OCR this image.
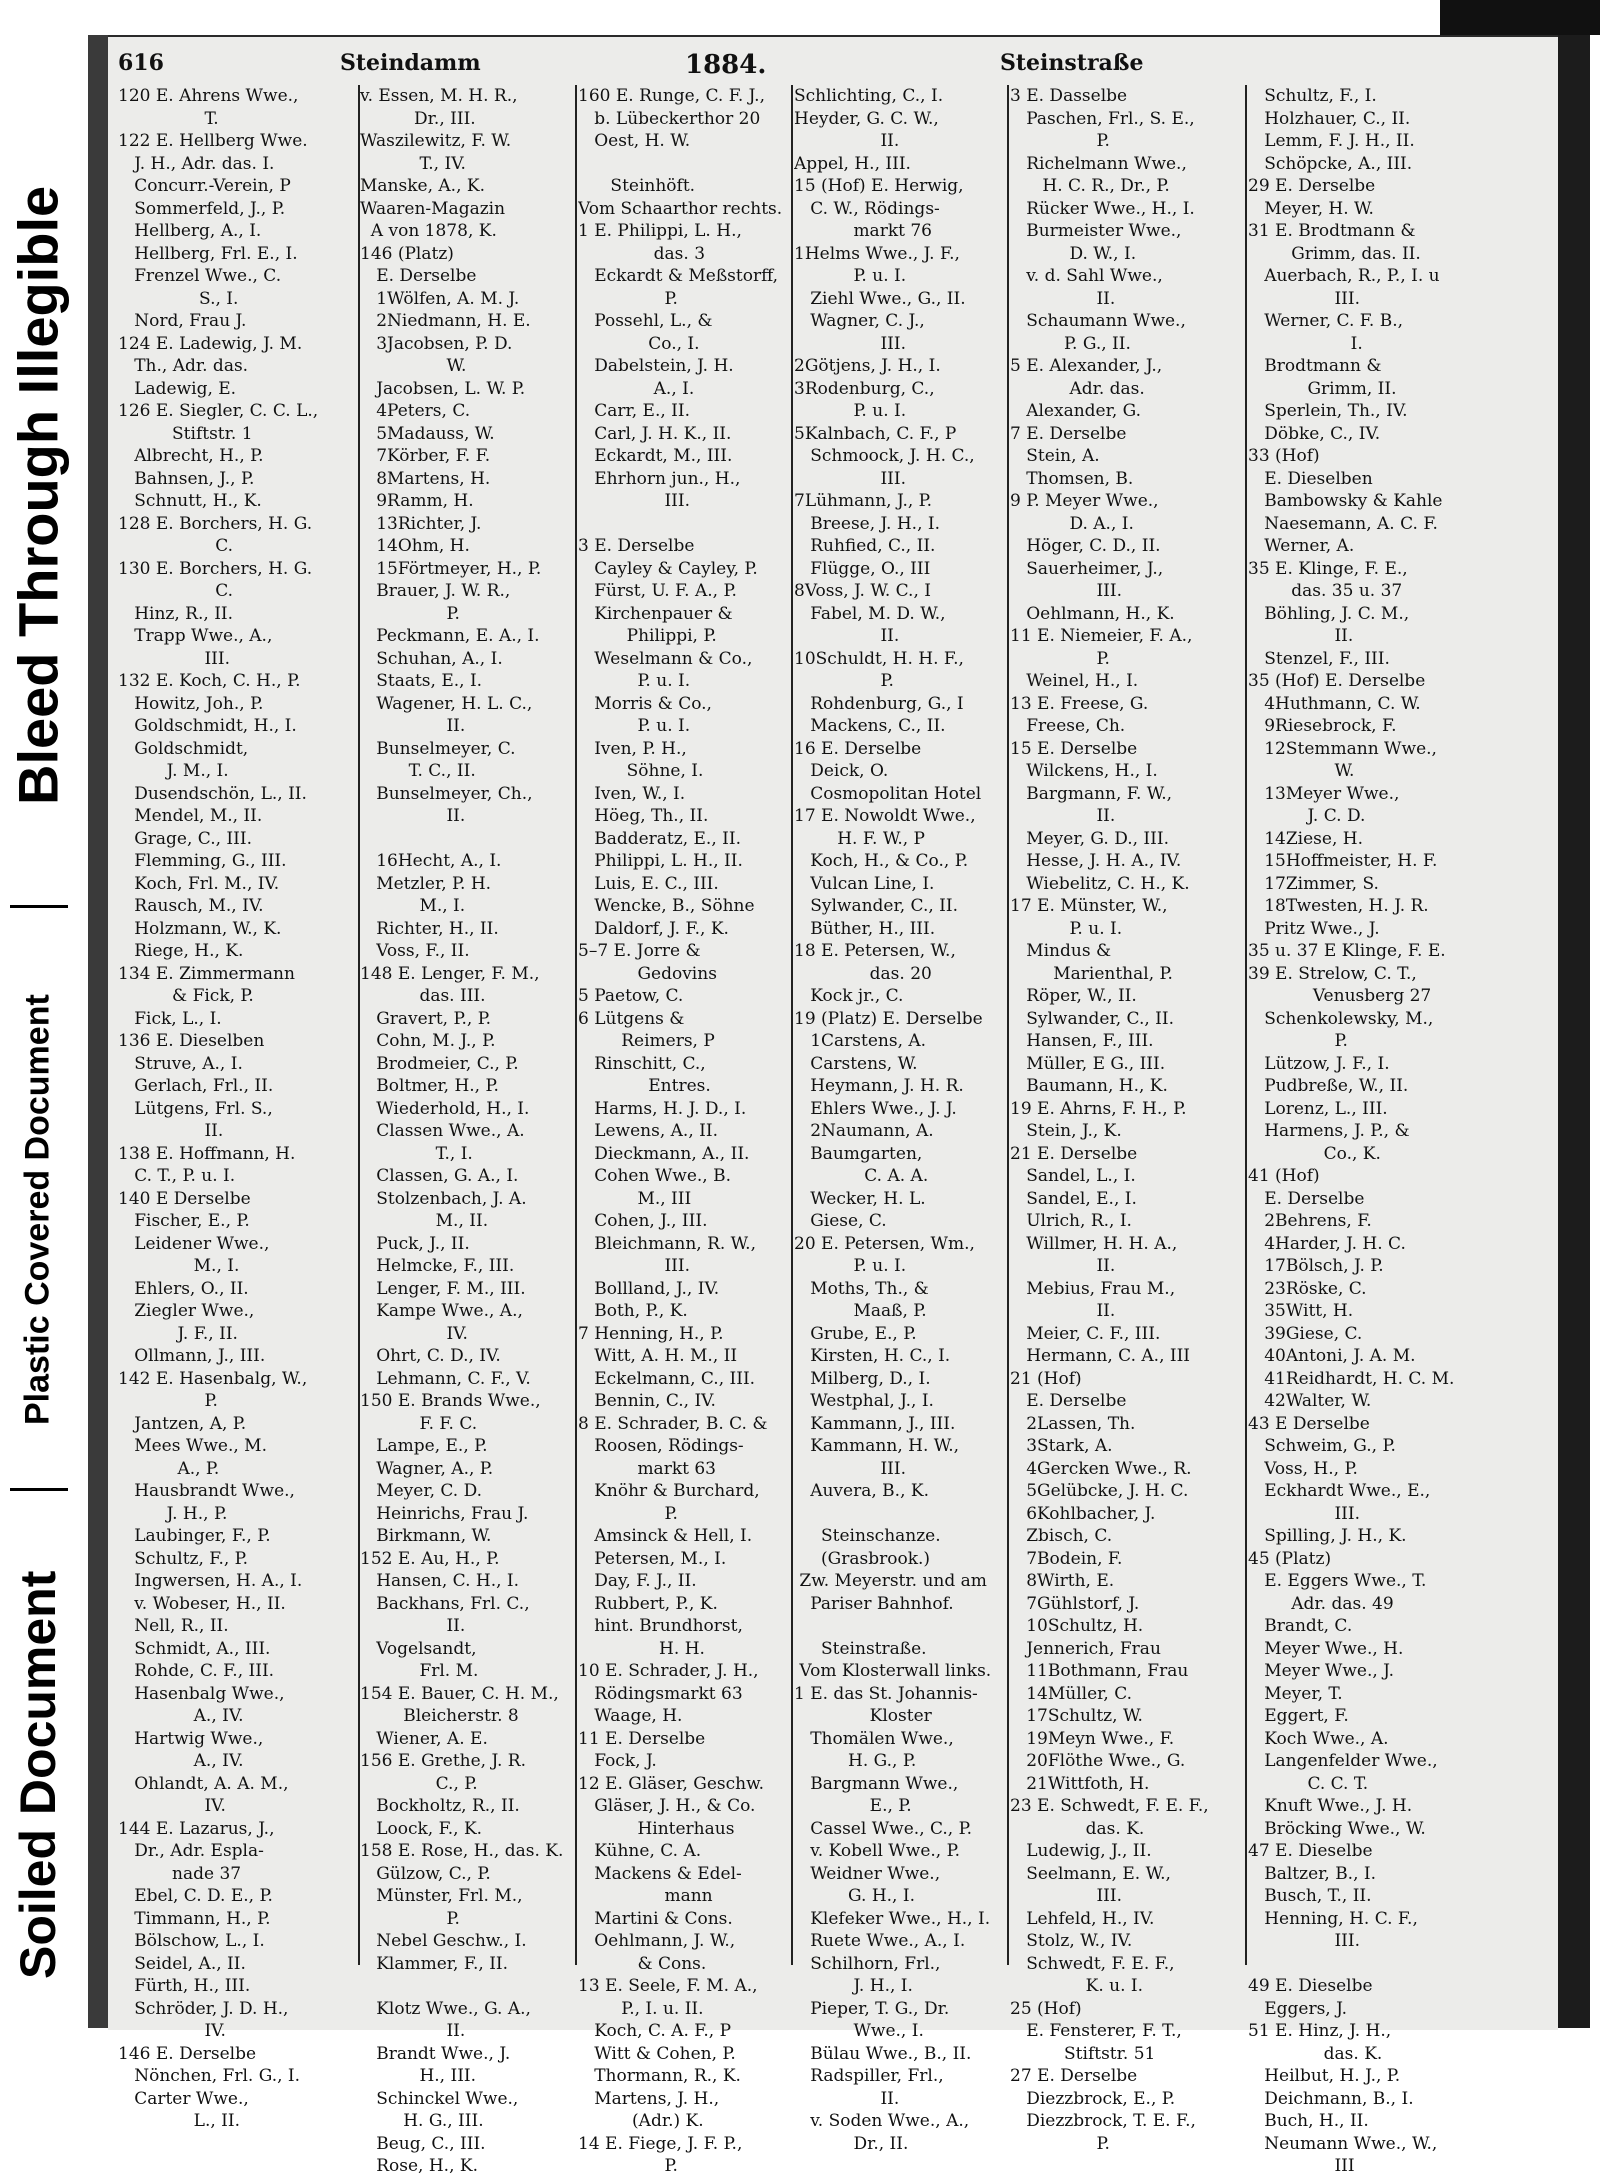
Bleed Through Illegible
Plastic Covered Document
Soiled Document
616	Steindamm	1884.	Steinstraße
120 E. Ahrens Wwe.,
T.
122 E. Hellberg Wwe.
J. H., Adr. das. I.
Concurr.-Verein, P
Sommerfeld, J., P.
Hellberg, A., I.
Hellberg, Frl. E., I.
Frenzel Wwe., C.
S., I.
Nord, Frau J.
124 E. Ladewig, J. M.
Th., Adr. das.
Ladewig, E.
126 E. Siegler, C. C. L.,
Stiftstr. 1
Albrecht, H., P.
Bahnsen, J., P.
Schnutt, H., K.
128 E. Borchers, H. G.
C.
130 E. Borchers, H. G.
C.
Hinz, R., II.
Trapp Wwe., A.,
III.
132 E. Koch, C. H., P.
Howitz, Joh., P.
Goldschmidt, H., I.
Goldschmidt,
J. M., I.
Dusendschön, L., II.
Mendel, M., II.
Grage, C., III.
Flemming, G., III.
Koch, Frl. M., IV.
Rausch, M., IV.
Holzmann, W., K.
Riege, H., K.
134 E. Zimmermann
& Fick, P.
Fick, L., I.
136 E. Dieselben
Struve, A., I.
Gerlach, Frl., II.
Lütgens, Frl. S.,
II.
138 E. Hoffmann, H.
C. T., P. u. I.
140 E Derselbe
Fischer, E., P.
Leidener Wwe.,
M., I.
Ehlers, O., II.
Ziegler Wwe.,
J. F., II.
Ollmann, J., III.
142 E. Hasenbalg, W.,
P.
Jantzen, A, P.
Mees Wwe., M.
A., P.
Hausbrandt Wwe.,
J. H., P.
Laubinger, F., P.
Schultz, F., P.
Ingwersen, H. A., I.
v. Wobeser, H., II.
Nell, R., II.
Schmidt, A., III.
Rohde, C. F., III.
Hasenbalg Wwe.,
A., IV.
Hartwig Wwe.,
A., IV.
Ohlandt, A. A. M.,
IV.
144 E. Lazarus, J.,
Dr., Adr. Espla-
nade 37
Ebel, C. D. E., P.
Timmann, H., P.
Bölschow, L., I.
Seidel, A., II.
Fürth, H., III.
Schröder, J. D. H.,
IV.
146 E. Derselbe
Nönchen, Frl. G., I.
Carter Wwe.,
L., II.
v. Essen, M. H. R.,
Dr., III.
Waszilewitz, F. W.
T., IV.
Manske, A., K.
Waaren-Magazin
A von 1878, K.
146 (Platz)
E. Derselbe
1Wölfen, A. M. J.
2Niedmann, H. E.
3Jacobsen, P. D.
W.
Jacobsen, L. W. P.
4Peters, C.
5Madauss, W.
7Körber, F. F.
8Martens, H.
9Ramm, H.
13Richter, J.
14Ohm, H.
15Förtmeyer, H., P.
Brauer, J. W. R.,
P.
Peckmann, E. A., I.
Schuhan, A., I.
Staats, E., I.
Wagener, H. L. C.,
II.
Bunselmeyer, C.
T. C., II.
Bunselmeyer, Ch.,
II.
16Hecht, A., I.
Metzler, P. H.
M., I.
Richter, H., II.
Voss, F., II.
148 E. Lenger, F. M.,
das. III.
Gravert, P., P.
Cohn, M. J., P.
Brodmeier, C., P.
Boltmer, H., P.
Wiederhold, H., I.
Classen Wwe., A.
T., I.
Classen, G. A., I.
Stolzenbach, J. A.
M., II.
Puck, J., II.
Helmcke, F., III.
Lenger, F. M., III.
Kampe Wwe., A.,
IV.
Ohrt, C. D., IV.
Lehmann, C. F., V.
150 E. Brands Wwe.,
F. F. C.
Lampe, E., P.
Wagner, A., P.
Meyer, C. D.
Heinrichs, Frau J.
Birkmann, W.
152 E. Au, H., P.
Hansen, C. H., I.
Backhans, Frl. C.,
II.
Vogelsandt,
Frl. M.
154 E. Bauer, C. H. M.,
Bleicherstr. 8
Wiener, A. E.
156 E. Grethe, J. R.
C., P.
Bockholtz, R., II.
Loock, F., K.
158 E. Rose, H., das. K.
Gülzow, C., P.
Münster, Frl. M.,
P.
Nebel Geschw., I.
Klammer, F., II.
Klotz Wwe., G. A.,
II.
Brandt Wwe., J.
H., III.
Schinckel Wwe.,
H. G., III.
Beug, C., III.
Rose, H., K.
160 E. Runge, C. F. J.,
b. Lübeckerthor 20
Oest, H. W.
Steinhöft.
Vom Schaarthor rechts.
1 E. Philippi, L. H.,
das. 3
Eckardt & Meßstorff,
P.
Possehl, L., &
Co., I.
Dabelstein, J. H.
A., I.
Carr, E., II.
Carl, J. H. K., II.
Eckardt, M., III.
Ehrhorn jun., H.,
III.
3 E. Derselbe
Cayley & Cayley, P.
Fürst, U. F. A., P.
Kirchenpauer &
Philippi, P.
Weselmann & Co.,
P. u. I.
Morris & Co.,
P. u. I.
Iven, P. H.,
Söhne, I.
Iven, W., I.
Höeg, Th., II.
Badderatz, E., II.
Philippi, L. H., II.
Luis, E. C., III.
Wencke, B., Söhne
Daldorf, J. F., K.
5–7 E. Jorre &
Gedovins
5 Paetow, C.
6 Lütgens &
Reimers, P
Rinschitt, C.,
Entres.
Harms, H. J. D., I.
Lewens, A., II.
Dieckmann, A., II.
Cohen Wwe., B.
M., III
Cohen, J., III.
Bleichmann, R. W.,
III.
Bollland, J., IV.
Both, P., K.
7 Henning, H., P.
Witt, A. H. M., II
Eckelmann, C., III.
Bennin, C., IV.
8 E. Schrader, B. C. &
Roosen, Rödings-
markt 63
Knöhr & Burchard,
P.
Amsinck & Hell, I.
Petersen, M., I.
Day, F. J., II.
Rubbert, P., K.
hint. Brundhorst,
H. H.
10 E. Schrader, J. H.,
Rödingsmarkt 63
Waage, H.
11 E. Derselbe
Fock, J.
12 E. Gläser, Geschw.
Gläser, J. H., & Co.
Hinterhaus
Kühne, C. A.
Mackens & Edel-
mann
Martini & Cons.
Oehlmann, J. W.,
& Cons.
13 E. Seele, F. M. A.,
P., I. u. II.
Koch, C. A. F., P
Witt & Cohen, P.
Thormann, R., K.
Martens, J. H.,
(Adr.) K.
14 E. Fiege, J. F. P.,
P.
Schlichting, C., I.
Heyder, G. C. W.,
II.
Appel, H., III.
15 (Hof) E. Herwig,
C. W., Rödings-
markt 76
1Helms Wwe., J. F.,
P. u. I.
Ziehl Wwe., G., II.
Wagner, C. J.,
III.
2Götjens, J. H., I.
3Rodenburg, C.,
P. u. I.
5Kalnbach, C. F., P
Schmoock, J. H. C.,
III.
7Lühmann, J., P.
Breese, J. H., I.
Ruhfied, C., II.
Flügge, O., III
8Voss, J. W. C., I
Fabel, M. D. W.,
II.
10Schuldt, H. H. F.,
P.
Rohdenburg, G., I
Mackens, C., II.
16 E. Derselbe
Deick, O.
Cosmopolitan Hotel
17 E. Nowoldt Wwe.,
H. F. W., P
Koch, H., & Co., P.
Vulcan Line, I.
Sylwander, C., II.
Büther, H., III.
18 E. Petersen, W.,
das. 20
Kock jr., C.
19 (Platz) E. Derselbe
1Carstens, A.
Carstens, W.
Heymann, J. H. R.
Ehlers Wwe., J. J.
2Naumann, A.
Baumgarten,
C. A. A.
Wecker, H. L.
Giese, C.
20 E. Petersen, Wm.,
P. u. I.
Moths, Th., &
Maaß, P.
Grube, E., P.
Kirsten, H. C., I.
Milberg, D., I.
Westphal, J., I.
Kammann, J., III.
Kammann, H. W.,
III.
Auvera, B., K.
Steinschanze.
(Grasbrook.)
Zw. Meyerstr. und am
Pariser Bahnhof.
Steinstraße.
Vom Klosterwall links.
1 E. das St. Johannis-
Kloster
Thomälen Wwe.,
H. G., P.
Bargmann Wwe.,
E., P.
Cassel Wwe., C., P.
v. Kobell Wwe., P.
Weidner Wwe.,
G. H., I.
Klefeker Wwe., H., I.
Ruete Wwe., A., I.
Schilhorn, Frl.,
J. H., I.
Pieper, T. G., Dr.
Wwe., I.
Bülau Wwe., B., II.
Radspiller, Frl.,
II.
v. Soden Wwe., A.,
Dr., II.
3 E. Dasselbe
Paschen, Frl., S. E.,
P.
Richelmann Wwe.,
H. C. R., Dr., P.
Rücker Wwe., H., I.
Burmeister Wwe.,
D. W., I.
v. d. Sahl Wwe.,
II.
Schaumann Wwe.,
P. G., II.
5 E. Alexander, J.,
Adr. das.
Alexander, G.
7 E. Derselbe
Stein, A.
Thomsen, B.
9 P. Meyer Wwe.,
D. A., I.
Höger, C. D., II.
Sauerheimer, J.,
III.
Oehlmann, H., K.
11 E. Niemeier, F. A.,
P.
Weinel, H., I.
13 E. Freese, G.
Freese, Ch.
15 E. Derselbe
Wilckens, H., I.
Bargmann, F. W.,
II.
Meyer, G. D., III.
Hesse, J. H. A., IV.
Wiebelitz, C. H., K.
17 E. Münster, W.,
P. u. I.
Mindus &
Marienthal, P.
Röper, W., II.
Sylwander, C., II.
Hansen, F., III.
Müller, E G., III.
Baumann, H., K.
19 E. Ahrns, F. H., P.
Stein, J., K.
21 E. Derselbe
Sandel, L., I.
Sandel, E., I.
Ulrich, R., I.
Willmer, H. H. A.,
II.
Mebius, Frau M.,
II.
Meier, C. F., III.
Hermann, C. A., III
21 (Hof)
E. Derselbe
2Lassen, Th.
3Stark, A.
4Gercken Wwe., R.
5Gelübcke, J. H. C.
6Kohlbacher, J.
Zbisch, C.
7Bodein, F.
8Wirth, E.
7Gühlstorf, J.
10Schultz, H.
Jennerich, Frau
11Bothmann, Frau
14Müller, C.
17Schultz, W.
19Meyn Wwe., F.
20Flöthe Wwe., G.
21Wittfoth, H.
23 E. Schwedt, F. E. F.,
das. K.
Ludewig, J., II.
Seelmann, E. W.,
III.
Lehfeld, H., IV.
Stolz, W., IV.
Schwedt, F. E. F.,
K. u. I.
25 (Hof)
E. Fensterer, F. T.,
Stiftstr. 51
27 E. Derselbe
Diezzbrock, E., P.
Diezzbrock, T. E. F.,
P.
Schultz, F., I.
Holzhauer, C., II.
Lemm, F. J. H., II.
Schöpcke, A., III.
29 E. Derselbe
Meyer, H. W.
31 E. Brodtmann &
Grimm, das. II.
Auerbach, R., P., I. u
III.
Werner, C. F. B.,
I.
Brodtmann &
Grimm, II.
Sperlein, Th., IV.
Döbke, C., IV.
33 (Hof)
E. Dieselben
Bambowsky & Kahle
Naesemann, A. C. F.
Werner, A.
35 E. Klinge, F. E.,
das. 35 u. 37
Böhling, J. C. M.,
II.
Stenzel, F., III.
35 (Hof) E. Derselbe
4Huthmann, C. W.
9Riesebrock, F.
12Stemmann Wwe.,
W.
13Meyer Wwe.,
J. C. D.
14Ziese, H.
15Hoffmeister, H. F.
17Zimmer, S.
18Twesten, H. J. R.
Pritz Wwe., J.
35 u. 37 E Klinge, F. E.
39 E. Strelow, C. T.,
Venusberg 27
Schenkolewsky, M.,
P.
Lützow, J. F., I.
Pudbreße, W., II.
Lorenz, L., III.
Harmens, J. P., &
Co., K.
41 (Hof)
E. Derselbe
2Behrens, F.
4Harder, J. H. C.
17Bölsch, J. P.
23Röske, C.
35Witt, H.
39Giese, C.
40Antoni, J. A. M.
41Reidhardt, H. C. M.
42Walter, W.
43 E Derselbe
Schweim, G., P.
Voss, H., P.
Eckhardt Wwe., E.,
III.
Spilling, J. H., K.
45 (Platz)
E. Eggers Wwe., T.
Adr. das. 49
Brandt, C.
Meyer Wwe., H.
Meyer Wwe., J.
Meyer, T.
Eggert, F.
Koch Wwe., A.
Langenfelder Wwe.,
C. C. T.
Knuft Wwe., J. H.
Bröcking Wwe., W.
47 E. Dieselbe
Baltzer, B., I.
Busch, T., II.
Henning, H. C. F.,
III.
49 E. Dieselbe
Eggers, J.
51 E. Hinz, J. H.,
das. K.
Heilbut, H. J., P.
Deichmann, B., I.
Buch, H., II.
Neumann Wwe., W.,
III
